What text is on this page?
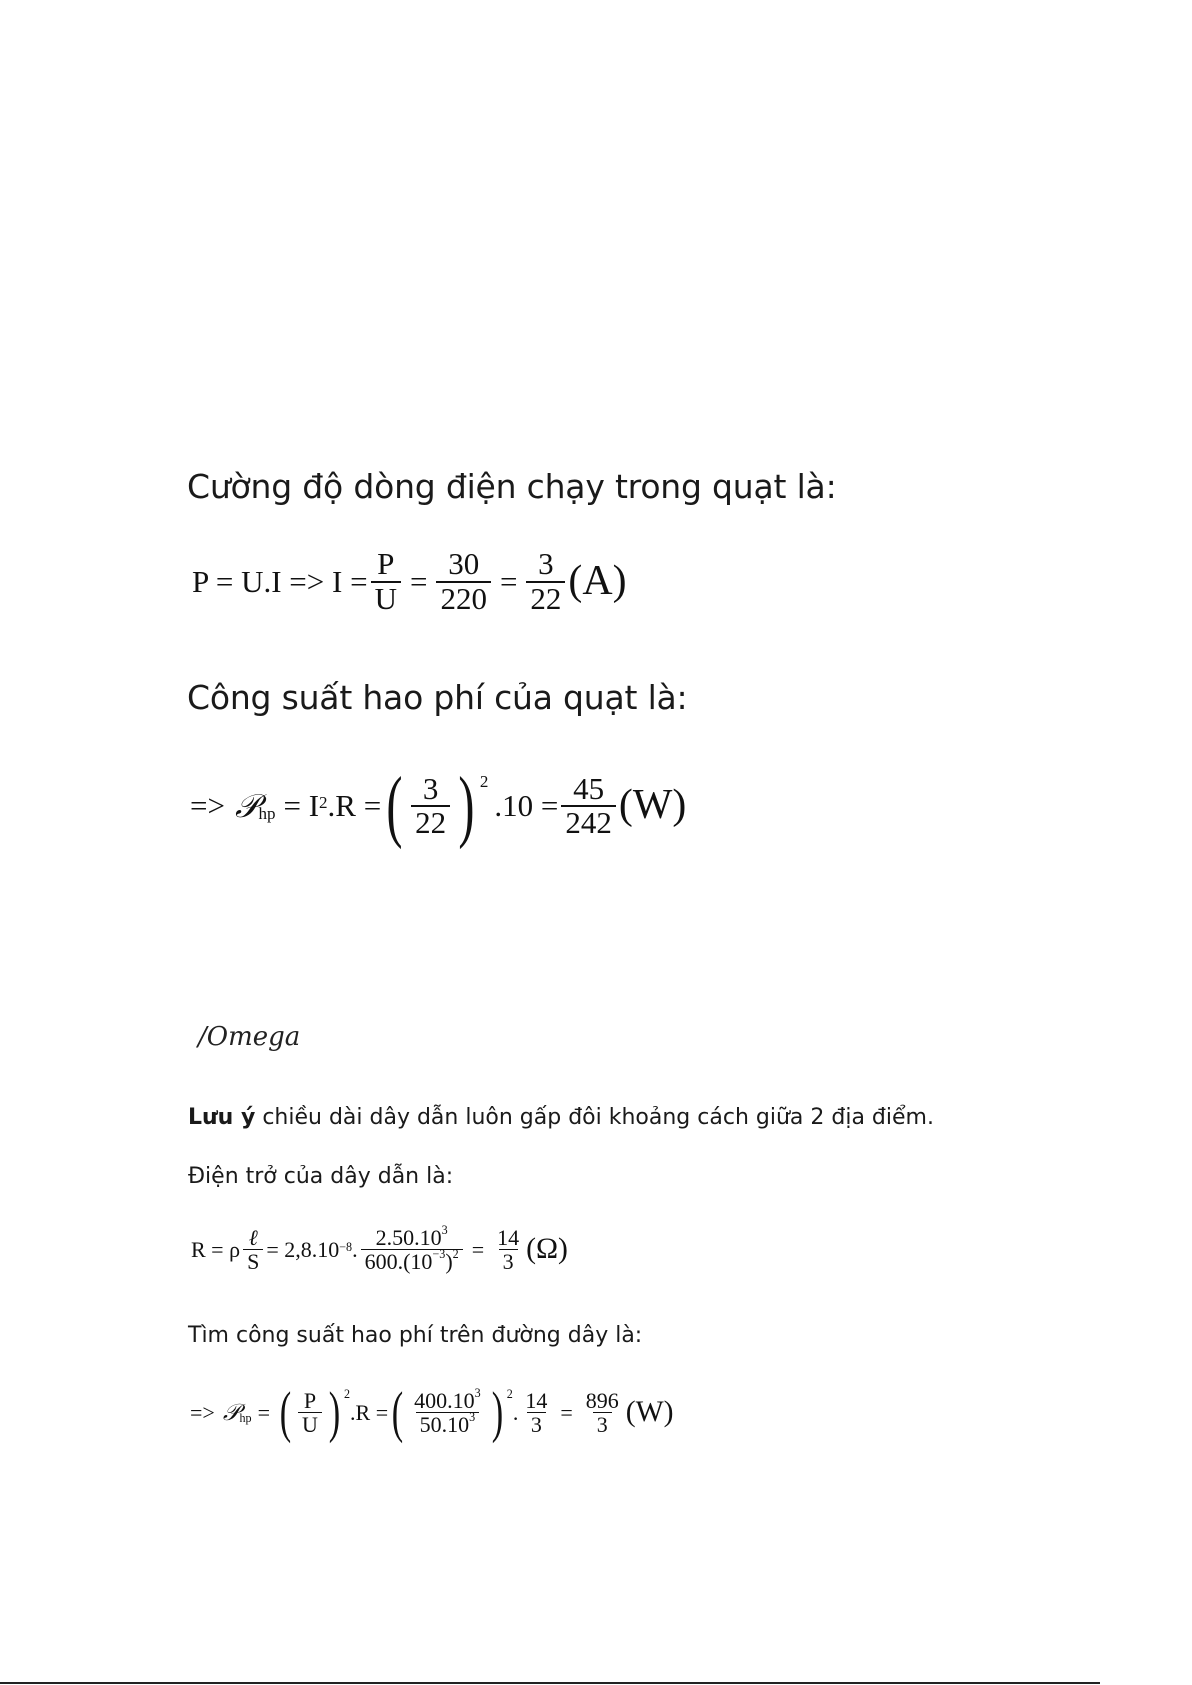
Cường độ dòng điện chạy trong quạt là:
$P = U.I => I = \frac{P}{U} = \frac{30}{220} = \frac{3}{22} (A)$
Công suất hao phí của quạt là:
=> 𝒫 hp = $I^2$ .R = ( $\frac{3}{22}$ ) $^2$
$.10 = \frac{45}{242} (W)$
/Omega
Lưu ý chiều dài dây dẫn luôn gấp đôi khoảng cách giữa 2 địa điểm.
Điện trở của dây dẫn là:
R = ρ $\frac{\text{ℓ}}{S} = 2,8.10^{-8}$ . $\frac{2.50.10^3}{600.(10^{-3})^2} = \frac{14}{3} (\Omega)$
Tìm công suất hao phí trên đường dây là:
=> 𝒫 hp = ( $\frac{P}{U}$ ) $^2$
.R = ( $\frac{400.10^3}{50.10^3}$ ) $^2$
. $\frac{14}{3} = \frac{896}{3} (W)$
